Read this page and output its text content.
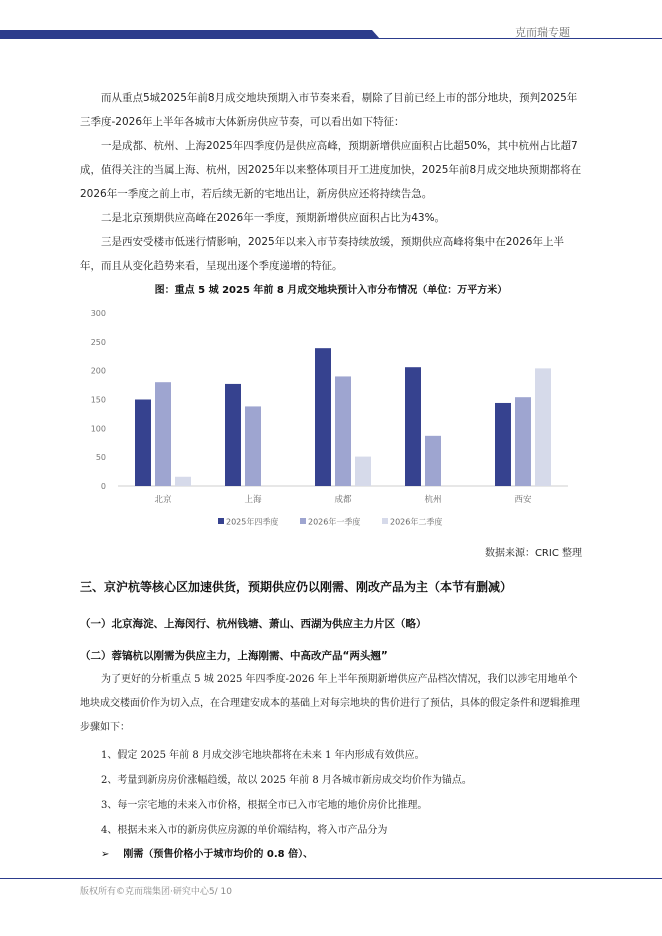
克而瑞专题

而从重点5城2025年前8月成交地块预期入市节奏来看，剔除了目前已经上市的部分地块，预判2025年三季度-2026年上半年各城市大体新房供应节奏，可以看出如下特征：

一是成都、杭州、上海2025年四季度仍是供应高峰，预期新增供应面积占比超50%，其中杭州占比超7成，值得关注的当属上海、杭州，因2025年以来整体项目开工进度加快，2025年前8月成交地块预期都将在2026年一季度之前上市，若后续无新的宅地出让，新房供应还将持续告急。

二是北京预期供应高峰在2026年一季度，预期新增供应面积占比为43%。

三是西安受楼市低迷行情影响，2025年以来入市节奏持续放缓，预期供应高峰将集中在2026年上半年，而且从变化趋势来看，呈现出逐个季度递增的特征。

图：重点 5 城 2025 年前 8 月成交地块预计入市分布情况（单位：万平方米）
0
50
100
150
200
250
300
北京	上海	成都	杭州	西安
2025年四季度	2026年一季度	2026年二季度
数据来源：CRIC 整理
三、京沪杭等核心区加速供货，预期供应仍以刚需、刚改产品为主（本节有删减）
（一）北京海淀、上海闵行、杭州钱塘、萧山、西湖为供应主力片区（略）
（二）蓉镐杭以刚需为供应主力，上海刚需、中高改产品“两头翘”

为了更好的分析重点 5 城 2025 年四季度-2026 年上半年预期新增供应产品档次情况，我们以涉宅用地单个地块成交楼面价作为切入点，在合理建安成本的基础上对每宗地块的售价进行了预估，具体的假定条件和逻辑推理步骤如下：

1、假定 2025 年前 8 月成交涉宅地块都将在未来 1 年内形成有效供应。
2、考量到新房房价涨幅趋缓，故以 2025 年前 8 月各城市新房成交均价作为锚点。
3、每一宗宅地的未来入市价格，根据全市已入市宅地的地价房价比推理。
4、根据未来入市的新房供应房源的单价端结构，将入市产品分为
➢ 刚需（预售价格小于城市均价的 0.8 倍）、
版权所有©克而瑞集团·研究中心5/ 10
